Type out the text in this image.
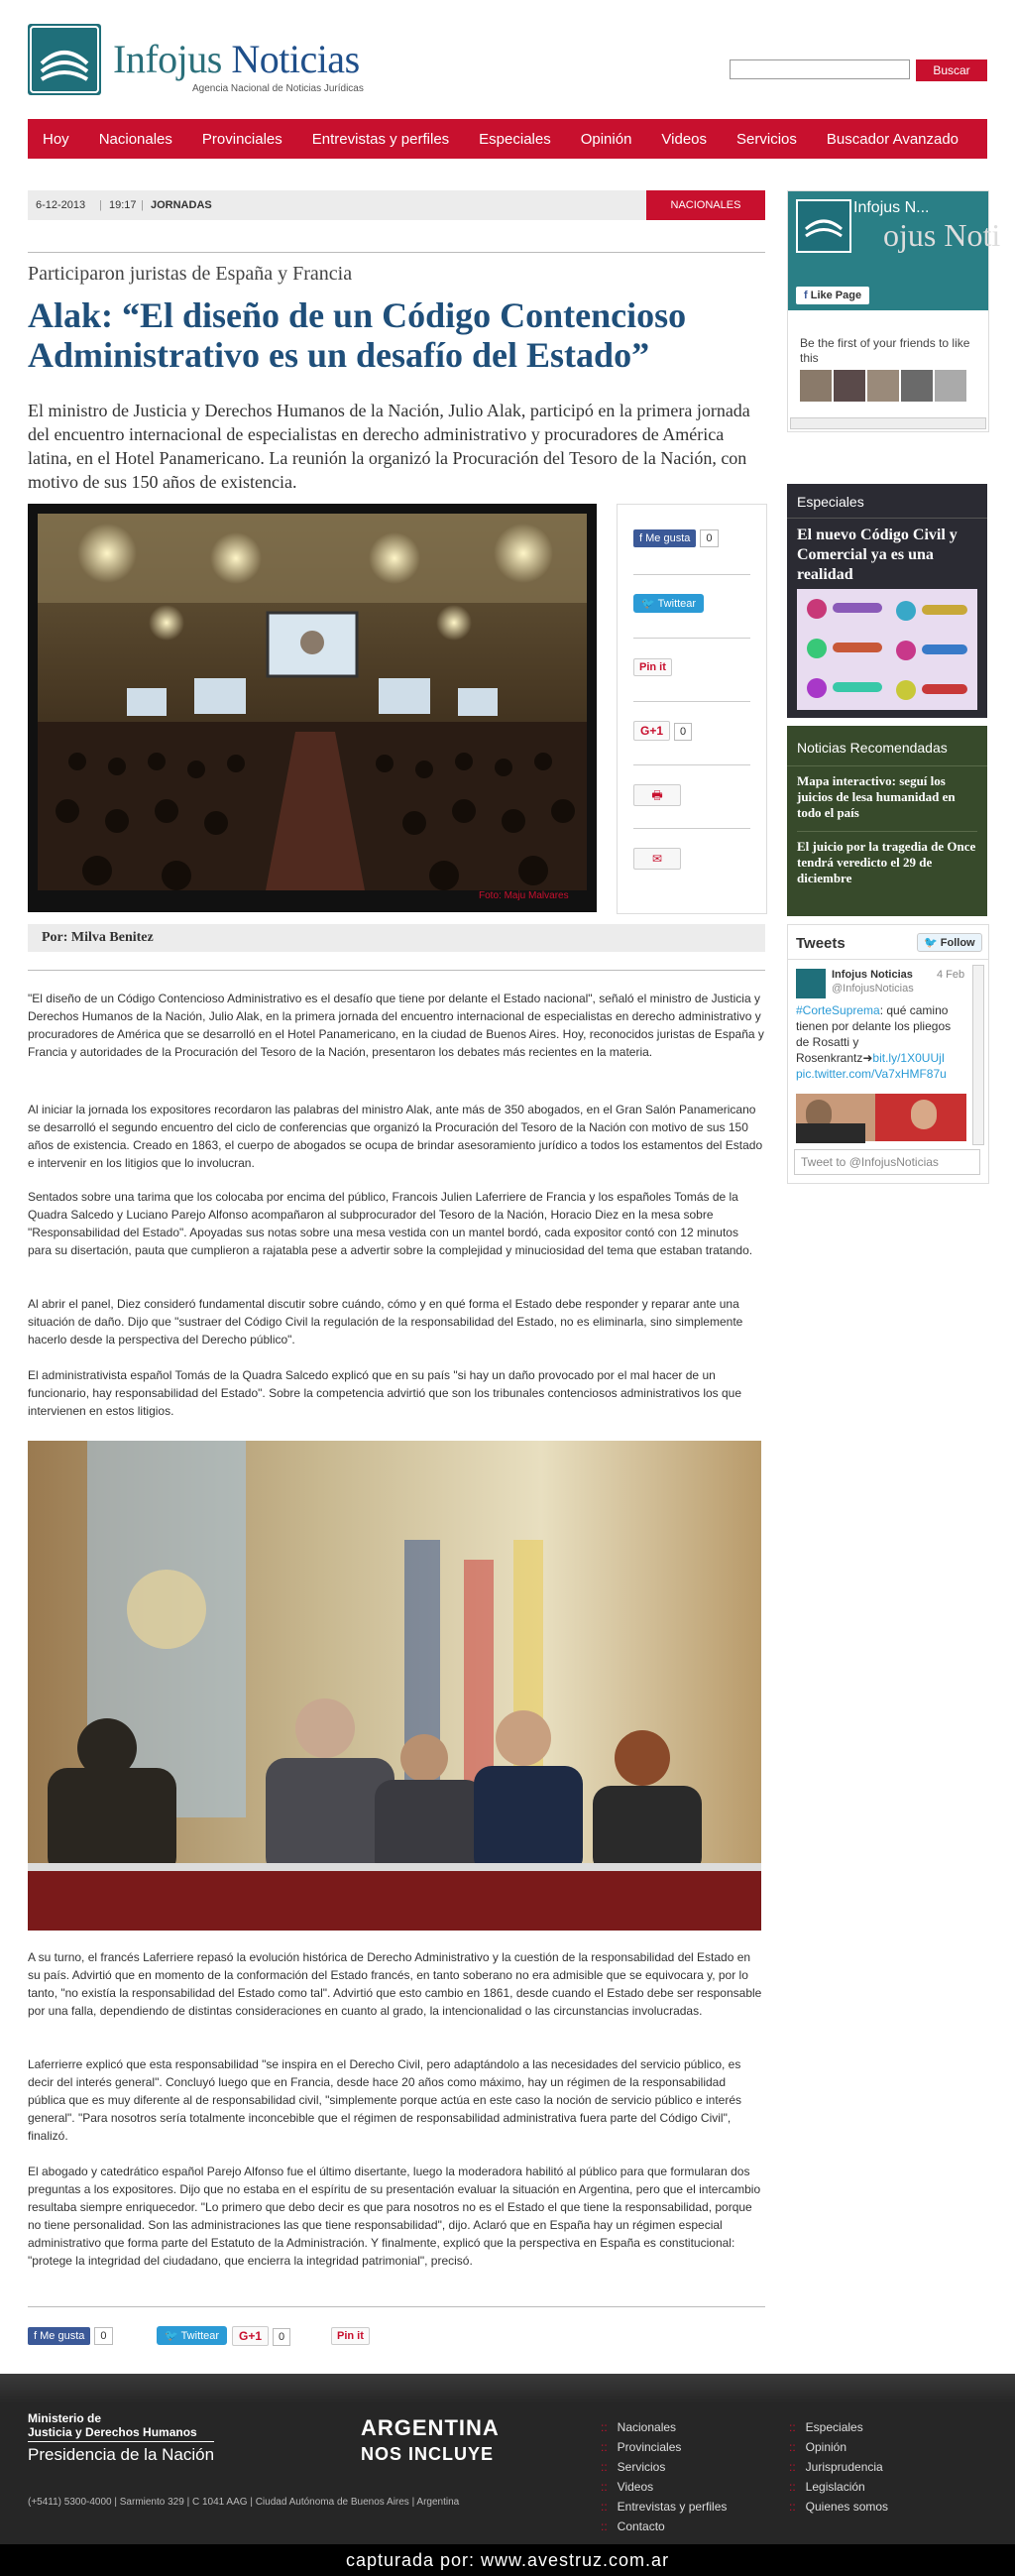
Infojus Noticias
Agencia Nacional de Noticias Jurídicas
Buscar
Hoy Nacionales Provinciales Entrevistas y perfiles Especiales Opinión Videos Servicios Buscador Avanzado
6-12-2013 | 19:17 | JORNADAS	NACIONALES
Participaron juristas de España y Francia
Alak: “El diseño de un Código Contencioso Administrativo es un desafío del Estado”

El ministro de Justicia y Derechos Humanos de la Nación, Julio Alak, participó en la primera jornada del encuentro internacional de especialistas en derecho administrativo y procuradores de América latina, en el Hotel Panamericano. La reunión la organizó la Procuración del Tesoro de la Nación, con motivo de sus 150 años de existencia.

Foto: Maju Malvares
f Me gusta 0
🐦 Twittear
Pin it
G+1 0
🖶
✉
Por: Milva Benitez

"El diseño de un Código Contencioso Administrativo es el desafío que tiene por delante el Estado nacional", señaló el ministro de Justicia y Derechos Humanos de la Nación, Julio Alak, en la primera jornada del encuentro internacional de especialistas en derecho administrativo y procuradores de América que se desarrolló en el Hotel Panamericano, en la ciudad de Buenos Aires. Hoy, reconocidos juristas de España y Francia y autoridades de la Procuración del Tesoro de la Nación, presentaron los debates más recientes en la materia.

Al iniciar la jornada los expositores recordaron las palabras del ministro Alak, ante más de 350 abogados, en el Gran Salón Panamericano se desarrolló el segundo encuentro del ciclo de conferencias que organizó la Procuración del Tesoro de la Nación con motivo de sus 150 años de existencia. Creado en 1863, el cuerpo de abogados se ocupa de brindar asesoramiento jurídico a todos los estamentos del Estado e intervenir en los litigios que lo involucran.

Sentados sobre una tarima que los colocaba por encima del público, Francois Julien Laferriere de Francia y los españoles Tomás de la Quadra Salcedo y Luciano Parejo Alfonso acompañaron al subprocurador del Tesoro de la Nación, Horacio Diez en la mesa sobre "Responsabilidad del Estado". Apoyadas sus notas sobre una mesa vestida con un mantel bordó, cada expositor contó con 12 minutos para su disertación, pauta que cumplieron a rajatabla pese a advertir sobre la complejidad y minuciosidad del tema que estaban tratando.

Al abrir el panel, Diez consideró fundamental discutir sobre cuándo, cómo y en qué forma el Estado debe responder y reparar ante una situación de daño. Dijo que "sustraer del Código Civil la regulación de la responsabilidad del Estado, no es eliminarla, sino simplemente hacerlo desde la perspectiva del Derecho público".

El administrativista español Tomás de la Quadra Salcedo explicó que en su país "si hay un daño provocado por el mal hacer de un funcionario, hay responsabilidad del Estado". Sobre la competencia advirtió que son los tribunales contenciosos administrativos los que intervienen en estos litigios.

A su turno, el francés Laferriere repasó la evolución histórica de Derecho Administrativo y la cuestión de la responsabilidad del Estado en su país. Advirtió que en momento de la conformación del Estado francés, en tanto soberano no era admisible que se equivocara y, por lo tanto, "no existía la responsabilidad del Estado como tal". Advirtió que esto cambio en 1861, desde cuando el Estado debe ser responsable por una falla, dependiendo de distintas consideraciones en cuanto al grado, la intencionalidad o las circunstancias involucradas.

Laferrierre explicó que esta responsabilidad "se inspira en el Derecho Civil, pero adaptándolo a las necesidades del servicio público, es decir del interés general". Concluyó luego que en Francia, desde hace 20 años como máximo, hay un régimen de la responsabilidad pública que es muy diferente al de responsabilidad civil, "simplemente porque actúa en este caso la noción de servicio público e interés general". "Para nosotros sería totalmente inconcebible que el régimen de responsabilidad administrativa fuera parte del Código Civil", finalizó.

El abogado y catedrático español Parejo Alfonso fue el último disertante, luego la moderadora habilitó al público para que formularan dos preguntas a los expositores. Dijo que no estaba en el espíritu de su presentación evaluar la situación en Argentina, pero que el intercambio resultaba siempre enriquecedor. "Lo primero que debo decir es que para nosotros no es el Estado el que tiene la responsabilidad, porque no tiene personalidad. Son las administraciones las que tiene responsabilidad", dijo. Aclaró que en España hay un régimen especial administrativo que forma parte del Estatuto de la Administración. Y finalmente, explicó que la perspectiva en España es constitucional: "protege la integridad del ciudadano, que encierra la integridad patrimonial", precisó.

f Me gusta 0	🐦 Twittear	G+1 0	Pin it
Infojus N...
ojus Noti
f Like Page
Be the first of your friends to like this
Especiales
El nuevo Código Civil y Comercial ya es una realidad
Noticias Recomendadas
Mapa interactivo: seguí los juicios de lesa humanidad en todo el país
El juicio por la tragedia de Once tendrá veredicto el 29 de diciembre
Tweets	🐦 Follow
Infojus Noticias 4 Feb
@InfojusNoticias
#CorteSuprema: qué camino tienen por delante los pliegos de Rosatti y Rosenkrantz➜bit.ly/1X0UUjI pic.twitter.com/Va7xHMF87u
Tweet to @InfojusNoticias
Ministerio de
Justicia y Derechos Humanos
Presidencia de la Nación
(+5411) 5300-4000 | Sarmiento 329 | C 1041 AAG | Ciudad Autónoma de Buenos Aires | Argentina
ARGENTINA
NOS INCLUYE
:: Nacionales
:: Provinciales
:: Servicios
:: Videos
:: Entrevistas y perfiles
:: Contacto
:: Especiales
:: Opinión
:: Jurisprudencia
:: Legislación
:: Quienes somos
capturada por: www.avestruz.com.ar
